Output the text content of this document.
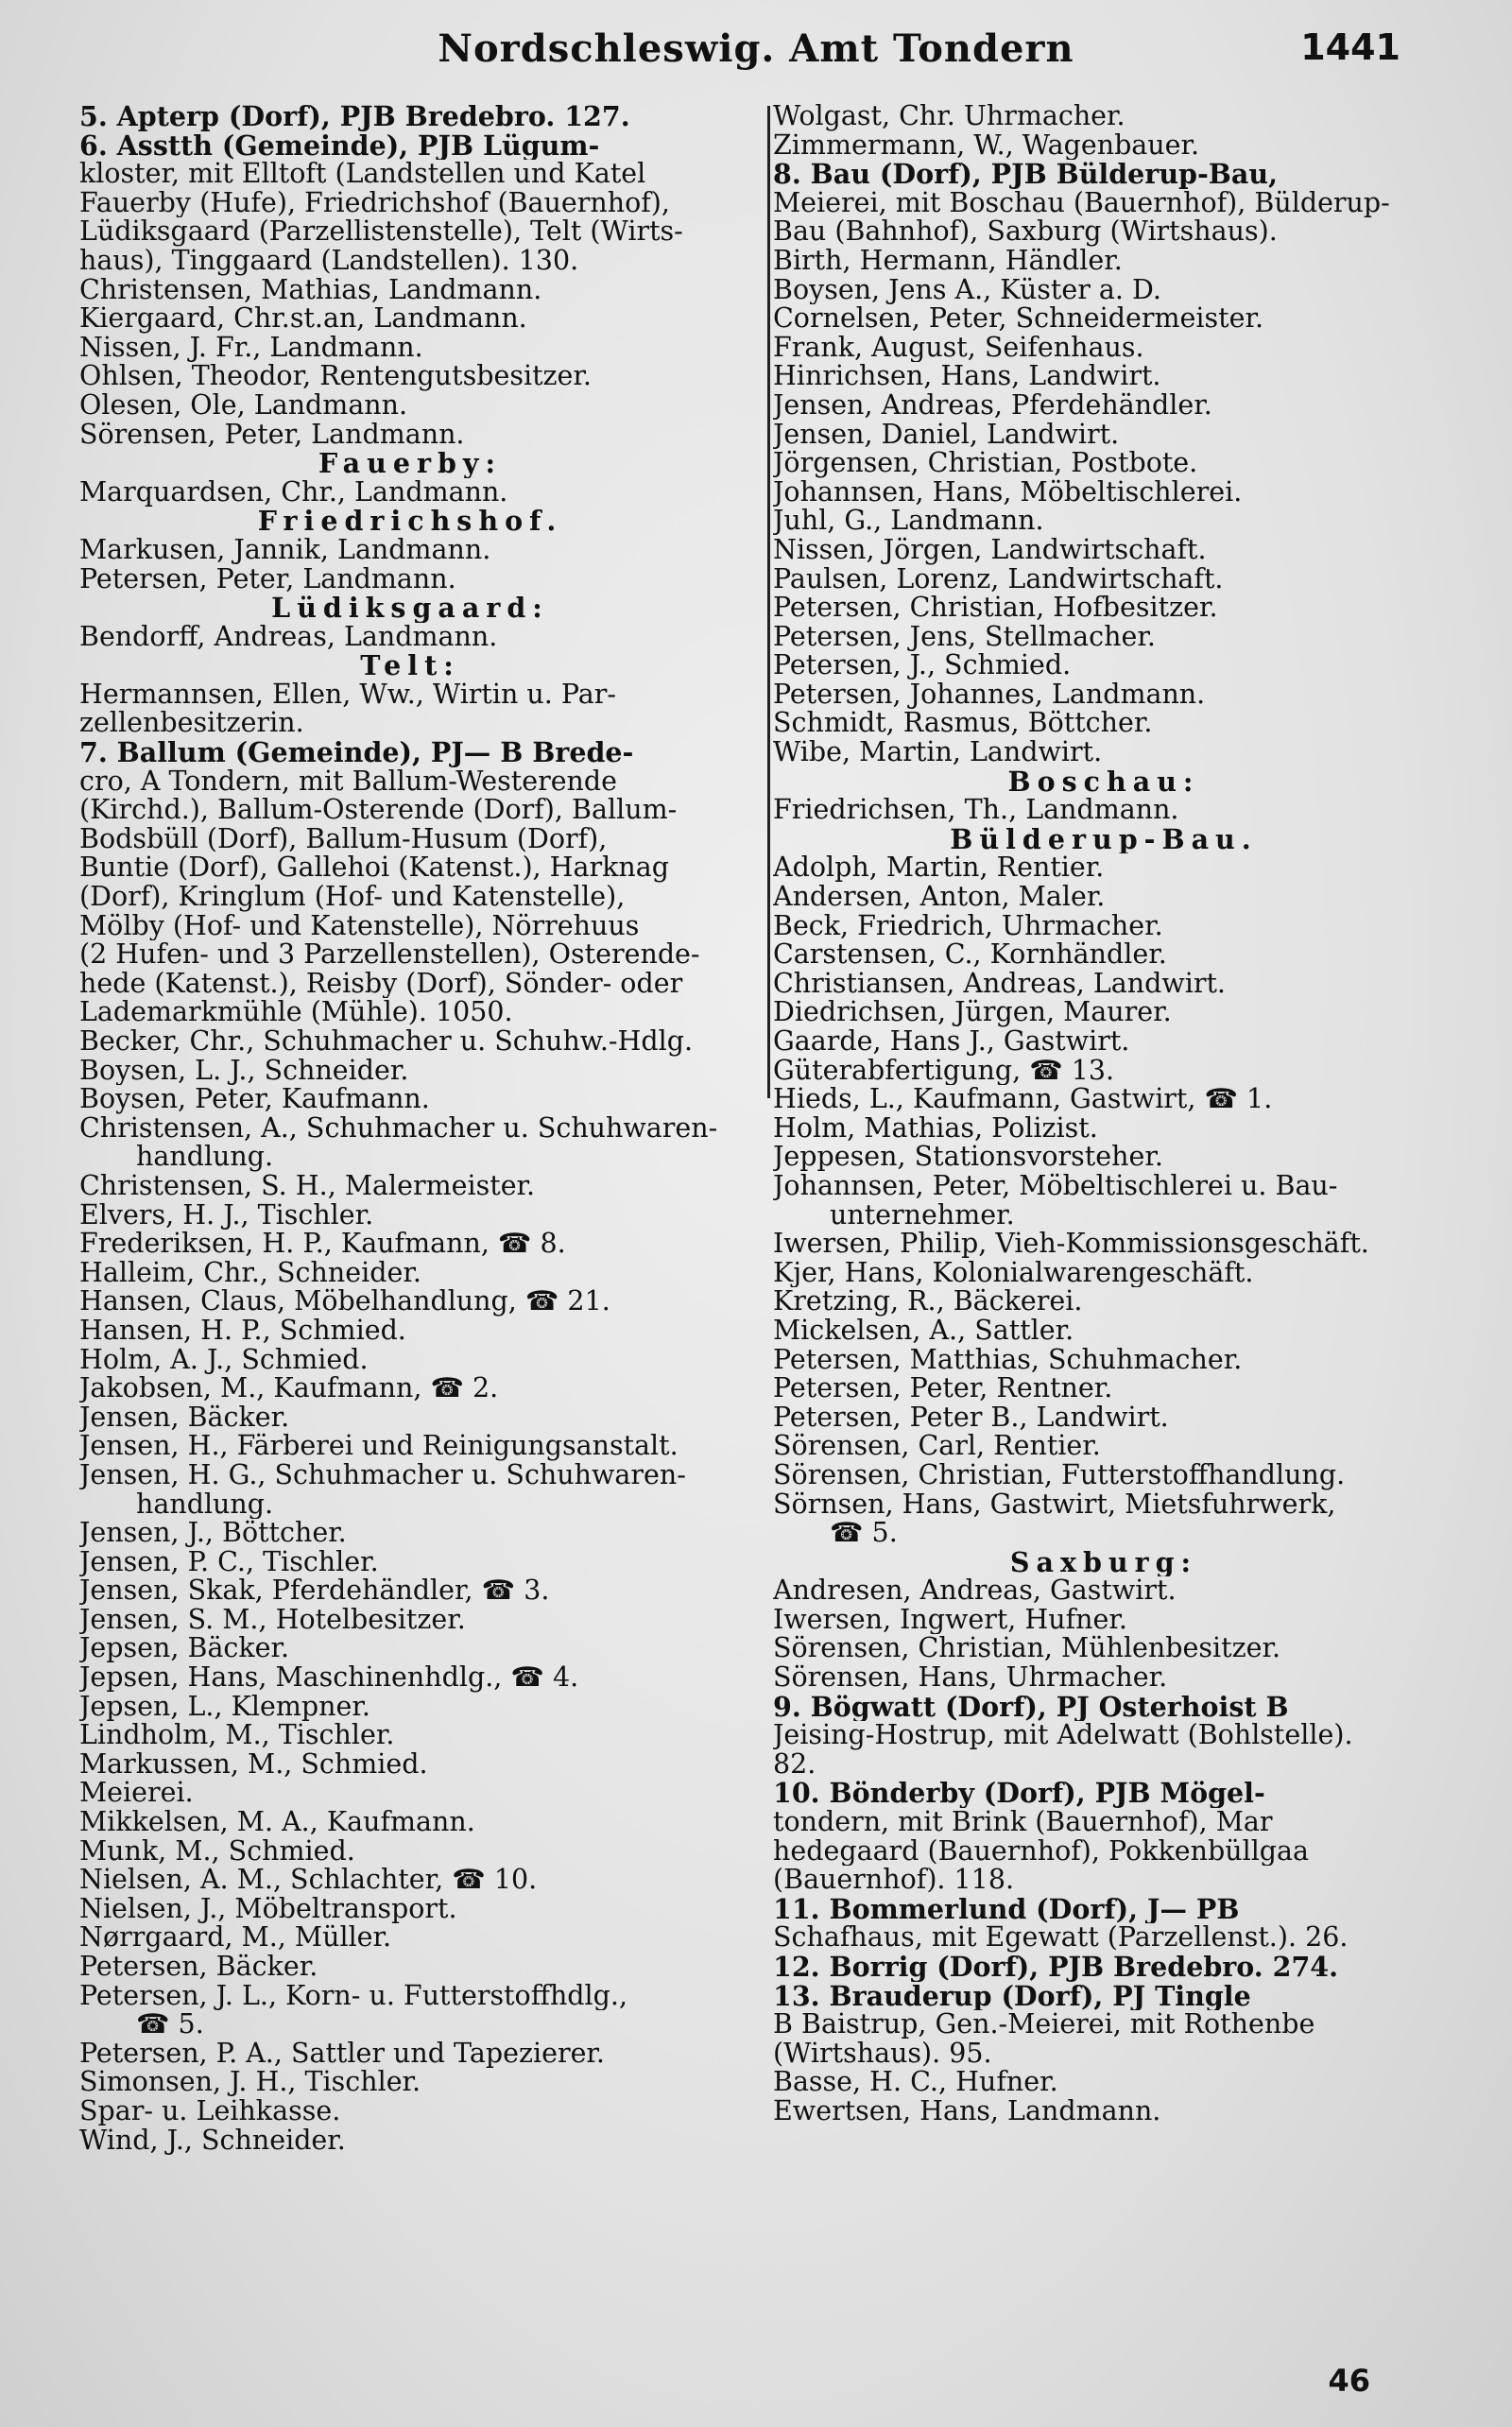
Nordschleswig. Amt Tondern	1441
5. Apterp (Dorf), PJB Bredebro. 127.
6. Asstth (Gemeinde), PJB Lügum-
kloster, mit Elltoft (Landstellen und Katel
Fauerby (Hufe), Friedrichshof (Bauernhof),
Lüdiksgaard (Parzellistenstelle), Telt (Wirts-
haus), Tinggaard (Landstellen). 130.
Christensen, Mathias, Landmann.
Kiergaard, Chr.st.an, Landmann.
Nissen, J. Fr., Landmann.
Ohlsen, Theodor, Rentengutsbesitzer.
Olesen, Ole, Landmann.
Sörensen, Peter, Landmann.
Fauerby:
Marquardsen, Chr., Landmann.
Friedrichshof.
Markusen, Jannik, Landmann.
Petersen, Peter, Landmann.
Lüdiksgaard:
Bendorff, Andreas, Landmann.
Telt:
Hermannsen, Ellen, Ww., Wirtin u. Par-
zellenbesitzerin.
7. Ballum (Gemeinde), PJ— B Brede-
cro, A Tondern, mit Ballum-Westerende
(Kirchd.), Ballum-Osterende (Dorf), Ballum-
Bodsbüll (Dorf), Ballum-Husum (Dorf),
Buntie (Dorf), Gallehoi (Katenst.), Harknag
(Dorf), Kringlum (Hof- und Katenstelle),
Mölby (Hof- und Katenstelle), Nörrehuus
(2 Hufen- und 3 Parzellenstellen), Osterende-
hede (Katenst.), Reisby (Dorf), Sönder- oder
Lademarkmühle (Mühle). 1050.
Becker, Chr., Schuhmacher u. Schuhw.-Hdlg.
Boysen, L. J., Schneider.
Boysen, Peter, Kaufmann.
Christensen, A., Schuhmacher u. Schuhwaren-
handlung.
Christensen, S. H., Malermeister.
Elvers, H. J., Tischler.
Frederiksen, H. P., Kaufmann, ☎ 8.
Halleim, Chr., Schneider.
Hansen, Claus, Möbelhandlung, ☎ 21.
Hansen, H. P., Schmied.
Holm, A. J., Schmied.
Jakobsen, M., Kaufmann, ☎ 2.
Jensen, Bäcker.
Jensen, H., Färberei und Reinigungsanstalt.
Jensen, H. G., Schuhmacher u. Schuhwaren-
handlung.
Jensen, J., Böttcher.
Jensen, P. C., Tischler.
Jensen, Skak, Pferdehändler, ☎ 3.
Jensen, S. M., Hotelbesitzer.
Jepsen, Bäcker.
Jepsen, Hans, Maschinenhdlg., ☎ 4.
Jepsen, L., Klempner.
Lindholm, M., Tischler.
Markussen, M., Schmied.
Meierei.
Mikkelsen, M. A., Kaufmann.
Munk, M., Schmied.
Nielsen, A. M., Schlachter, ☎ 10.
Nielsen, J., Möbeltransport.
Nørrgaard, M., Müller.
Petersen, Bäcker.
Petersen, J. L., Korn- u. Futterstoffhdlg.,
☎ 5.
Petersen, P. A., Sattler und Tapezierer.
Simonsen, J. H., Tischler.
Spar- u. Leihkasse.
Wind, J., Schneider.
Wolgast, Chr. Uhrmacher.
Zimmermann, W., Wagenbauer.
8. Bau (Dorf), PJB Bülderup-Bau,
Meierei, mit Boschau (Bauernhof), Bülderup-
Bau (Bahnhof), Saxburg (Wirtshaus).
Birth, Hermann, Händler.
Boysen, Jens A., Küster a. D.
Cornelsen, Peter, Schneidermeister.
Frank, August, Seifenhaus.
Hinrichsen, Hans, Landwirt.
Jensen, Andreas, Pferdehändler.
Jensen, Daniel, Landwirt.
Jörgensen, Christian, Postbote.
Johannsen, Hans, Möbeltischlerei.
Juhl, G., Landmann.
Nissen, Jörgen, Landwirtschaft.
Paulsen, Lorenz, Landwirtschaft.
Petersen, Christian, Hofbesitzer.
Petersen, Jens, Stellmacher.
Petersen, J., Schmied.
Petersen, Johannes, Landmann.
Schmidt, Rasmus, Böttcher.
Wibe, Martin, Landwirt.
Boschau:
Friedrichsen, Th., Landmann.
Bülderup-Bau.
Adolph, Martin, Rentier.
Andersen, Anton, Maler.
Beck, Friedrich, Uhrmacher.
Carstensen, C., Kornhändler.
Christiansen, Andreas, Landwirt.
Diedrichsen, Jürgen, Maurer.
Gaarde, Hans J., Gastwirt.
Güterabfertigung, ☎ 13.
Hieds, L., Kaufmann, Gastwirt, ☎ 1.
Holm, Mathias, Polizist.
Jeppesen, Stationsvorsteher.
Johannsen, Peter, Möbeltischlerei u. Bau-
unternehmer.
Iwersen, Philip, Vieh-Kommissionsgeschäft.
Kjer, Hans, Kolonialwarengeschäft.
Kretzing, R., Bäckerei.
Mickelsen, A., Sattler.
Petersen, Matthias, Schuhmacher.
Petersen, Peter, Rentner.
Petersen, Peter B., Landwirt.
Sörensen, Carl, Rentier.
Sörensen, Christian, Futterstoffhandlung.
Sörnsen, Hans, Gastwirt, Mietsfuhrwerk,
☎ 5.
Saxburg:
Andresen, Andreas, Gastwirt.
Iwersen, Ingwert, Hufner.
Sörensen, Christian, Mühlenbesitzer.
Sörensen, Hans, Uhrmacher.
9. Bögwatt (Dorf), PJ Osterhoist B
Jeising-Hostrup, mit Adelwatt (Bohlstelle).
82.
10. Bönderby (Dorf), PJB Mögel-
tondern, mit Brink (Bauernhof), Mar
hedegaard (Bauernhof), Pokkenbüllgaa
(Bauernhof). 118.
11. Bommerlund (Dorf), J— PB
Schafhaus, mit Egewatt (Parzellenst.). 26.
12. Borrig (Dorf), PJB Bredebro. 274.
13. Brauderup (Dorf), PJ Tingle
B Baistrup, Gen.-Meierei, mit Rothenbe
(Wirtshaus). 95.
Basse, H. C., Hufner.
Ewertsen, Hans, Landmann.
46
